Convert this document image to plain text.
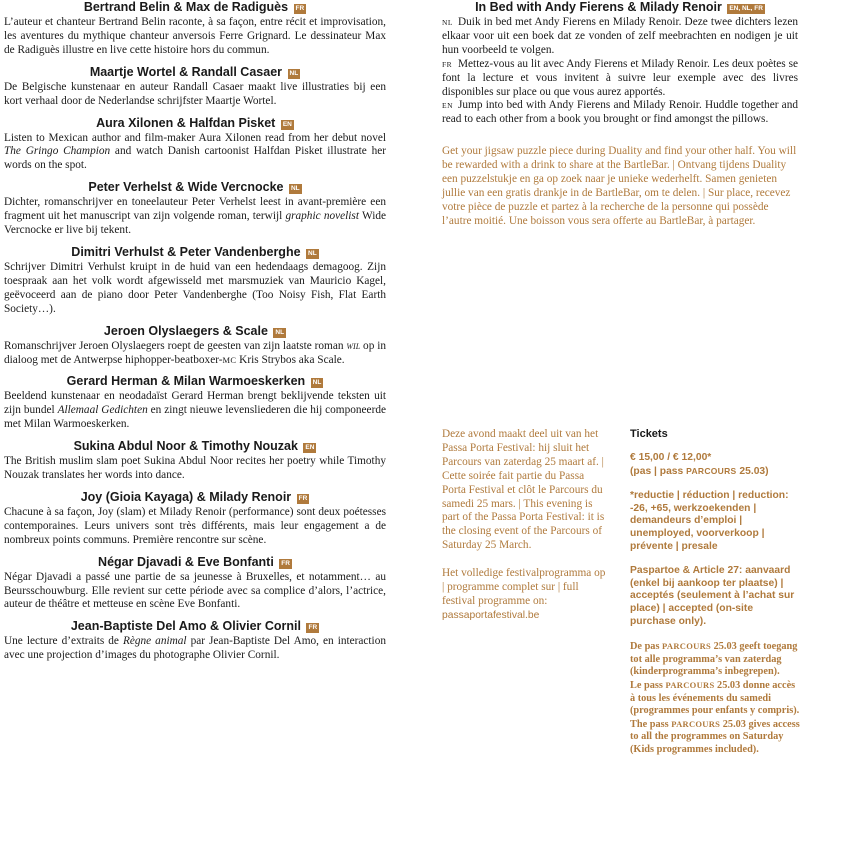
Bertrand Belin & Max de Radiguès FR

L’auteur et chanteur Bertrand Belin raconte, à sa façon, entre récit et improvisation, les aventures du mythique chanteur anversois Ferre Grignard. Le dessinateur Max de Radiguès illustre en live cette histoire hors du commun.

Maartje Wortel & Randall Casaer NL

De Belgische kunstenaar en auteur Randall Casaer maakt live illustraties bij een kort verhaal door de Nederlandse schrijfster Maartje Wortel.

Aura Xilonen & Halfdan Pisket EN

Listen to Mexican author and film-maker Aura Xilonen read from her debut novel The Gringo Champion and watch Danish cartoonist Halfdan Pisket illustrate her words on the spot.

Peter Verhelst & Wide Vercnocke NL

Dichter, romanschrijver en toneelauteur Peter Verhelst leest in avant-première een fragment uit het manuscript van zijn volgende roman, terwijl graphic novelist Wide Vercnocke er live bij tekent.

Dimitri Verhulst & Peter Vandenberghe NL

Schrijver Dimitri Verhulst kruipt in de huid van een hedendaags demagoog. Zijn toespraak aan het volk wordt afgewisseld met marsmuziek van Mauricio Kagel, geëvoceerd aan de piano door Peter Vandenberghe (Too Noisy Fish, Flat Earth Society…).

Jeroen Olyslaegers & Scale NL

Romanschrijver Jeroen Olyslaegers roept de geesten van zijn laatste roman WIL op in dialoog met de Antwerpse hiphopper-beatboxer-MC Kris Strybos aka Scale.

Gerard Herman & Milan Warmoeskerken NL

Beeldend kunstenaar en neodadaïst Gerard Herman brengt beklijvende teksten uit zijn bundel Allemaal Gedichten en zingt nieuwe levensliederen die hij componeerde met Milan Warmoeskerken.

Sukina Abdul Noor & Timothy Nouzak EN

The British muslim slam poet Sukina Abdul Noor recites her poetry while Timothy Nouzak translates her words into dance.

Joy (Gioia Kayaga) & Milady Renoir FR

Chacune à sa façon, Joy (slam) et Milady Renoir (performance) sont deux poétesses contemporaines. Leurs univers sont très différents, mais leur engagement a de nombreux points communs. Première rencontre sur scène.

Négar Djavadi & Eve Bonfanti FR

Négar Djavadi a passé une partie de sa jeunesse à Bruxelles, et notamment… au Beursschouwburg. Elle revient sur cette période avec sa complice d’alors, l’actrice, auteur de théâtre et metteuse en scène Eve Bonfanti.

Jean-Baptiste Del Amo & Olivier Cornil FR

Une lecture d’extraits de Règne animal par Jean-Baptiste Del Amo, en interaction avec une projection d’images du photographe Olivier Cornil.

In Bed with Andy Fierens & Milady Renoir EN, NL, FR

NL Duik in bed met Andy Fierens en Milady Renoir. Deze twee dichters lezen elkaar voor uit een boek dat ze vonden of zelf meebrachten en nodigen je uit hun voorbeeld te volgen.

FR Mettez-vous au lit avec Andy Fierens et Milady Renoir. Les deux poètes se font la lecture et vous invitent à suivre leur exemple avec des livres disponibles sur place ou que vous aurez apportés.

EN Jump into bed with Andy Fierens and Milady Renoir. Huddle together and read to each other from a book you brought or find amongst the pillows.

Get your jigsaw puzzle piece during Duality and find your other half. You will be rewarded with a drink to share at the BartleBar. | Ontvang tijdens Duality een puzzelstukje en ga op zoek naar je unieke wederhelft. Samen genieten jullie van een gratis drankje in de BartleBar, om te delen. | Sur place, recevez votre pièce de puzzle et partez à la recherche de la personne qui possède l’autre moitié. Une boisson vous sera offerte au BartleBar, à partager.

Deze avond maakt deel uit van het Passa Porta Festival: hij sluit het Parcours van zaterdag 25 maart af. | Cette soirée fait partie du Passa Porta Festival et clôt le Parcours du samedi 25 mars. | This evening is part of the Passa Porta Festival: it is the closing event of the Parcours of Saturday 25 March.

Het volledige festivalprogramma op | programme complet sur | full festival programme on:

passaportafestival.be

Tickets

€ 15,00 / € 12,00*

(pas | pass PARCOURS 25.03)

*reductie | réduction | reduction: -26, +65, werkzoekenden | demandeurs d’emploi | unemployed, voorverkoop | prévente | presale

Paspartoe & Article 27: aanvaard (enkel bij aankoop ter plaatse) | acceptés (seulement à l’achat sur place) | accepted (on-site purchase only).

De pas PARCOURS 25.03 geeft toegang tot alle programma’s van zaterdag (kinderprogramma’s inbegrepen).

Le pass PARCOURS 25.03 donne accès à tous les événements du samedi (programmes pour enfants y compris).

The pass PARCOURS 25.03 gives access to all the programmes on Saturday (Kids programmes included).
